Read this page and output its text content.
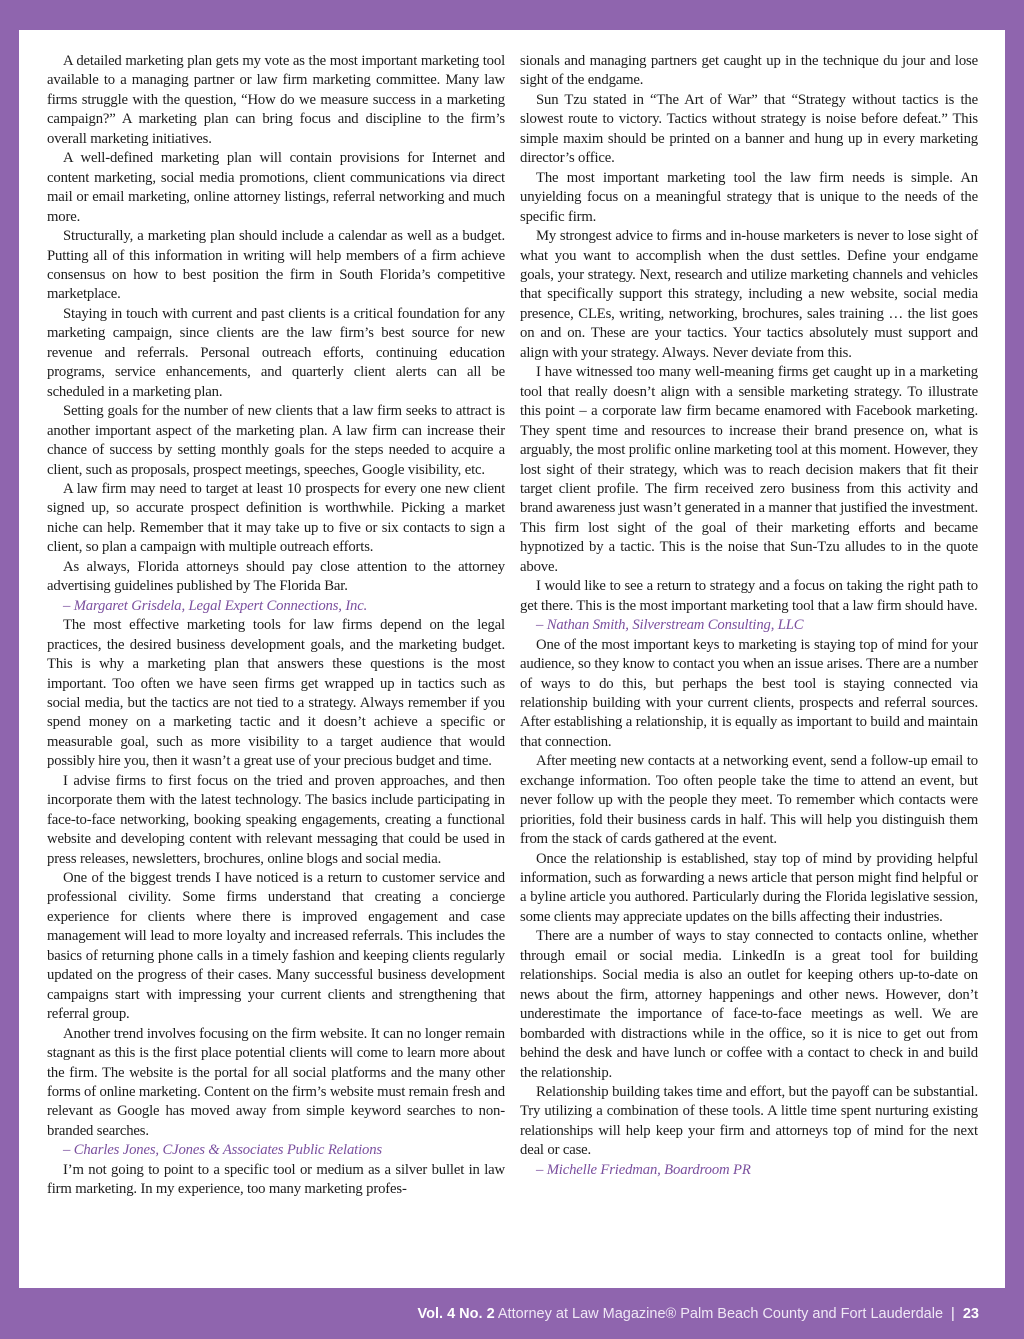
A detailed marketing plan gets my vote as the most important marketing tool available to a managing partner or law firm marketing committee. Many law firms struggle with the question, “How do we measure success in a marketing campaign?” A marketing plan can bring focus and discipline to the firm’s overall marketing initiatives.

A well-defined marketing plan will contain provisions for Internet and content marketing, social media promotions, client communications via direct mail or email marketing, online attorney listings, referral networking and much more.

Structurally, a marketing plan should include a calendar as well as a budget. Putting all of this information in writing will help members of a firm achieve consensus on how to best position the firm in South Florida’s competitive marketplace.

Staying in touch with current and past clients is a critical foundation for any marketing campaign, since clients are the law firm’s best source for new revenue and referrals. Personal outreach efforts, continuing education programs, service enhancements, and quarterly client alerts can all be scheduled in a marketing plan.

Setting goals for the number of new clients that a law firm seeks to attract is another important aspect of the marketing plan. A law firm can increase their chance of success by setting monthly goals for the steps needed to acquire a client, such as proposals, prospect meetings, speeches, Google visibility, etc.

A law firm may need to target at least 10 prospects for every one new client signed up, so accurate prospect definition is worthwhile. Picking a market niche can help. Remember that it may take up to five or six contacts to sign a client, so plan a campaign with multiple outreach efforts.

As always, Florida attorneys should pay close attention to the attorney advertising guidelines published by The Florida Bar.

– Margaret Grisdela, Legal Expert Connections, Inc.

The most effective marketing tools for law firms depend on the legal practices, the desired business development goals, and the marketing budget. This is why a marketing plan that answers these questions is the most important. Too often we have seen firms get wrapped up in tactics such as social media, but the tactics are not tied to a strategy. Always remember if you spend money on a marketing tactic and it doesn’t achieve a specific or measurable goal, such as more visibility to a target audience that would possibly hire you, then it wasn’t a great use of your precious budget and time.

I advise firms to first focus on the tried and proven approaches, and then incorporate them with the latest technology. The basics include participating in face-to-face networking, booking speaking engagements, creating a functional website and developing content with relevant messaging that could be used in press releases, newsletters, brochures, online blogs and social media.

One of the biggest trends I have noticed is a return to customer service and professional civility. Some firms understand that creating a concierge experience for clients where there is improved engagement and case management will lead to more loyalty and increased referrals. This includes the basics of returning phone calls in a timely fashion and keeping clients regularly updated on the progress of their cases. Many successful business development campaigns start with impressing your current clients and strengthening that referral group.

Another trend involves focusing on the firm website. It can no longer remain stagnant as this is the first place potential clients will come to learn more about the firm. The website is the portal for all social platforms and the many other forms of online marketing. Content on the firm’s website must remain fresh and relevant as Google has moved away from simple keyword searches to non-branded searches.

– Charles Jones, CJones & Associates Public Relations

I’m not going to point to a specific tool or medium as a silver bullet in law firm marketing. In my experience, too many marketing profes-

sionals and managing partners get caught up in the technique du jour and lose sight of the endgame.

Sun Tzu stated in “The Art of War” that “Strategy without tactics is the slowest route to victory. Tactics without strategy is noise before defeat.” This simple maxim should be printed on a banner and hung up in every marketing director’s office.

The most important marketing tool the law firm needs is simple. An unyielding focus on a meaningful strategy that is unique to the needs of the specific firm.

My strongest advice to firms and in-house marketers is never to lose sight of what you want to accomplish when the dust settles. Define your endgame goals, your strategy. Next, research and utilize marketing channels and vehicles that specifically support this strategy, including a new website, social media presence, CLEs, writing, networking, brochures, sales training … the list goes on and on. These are your tactics. Your tactics absolutely must support and align with your strategy. Always. Never deviate from this.

I have witnessed too many well-meaning firms get caught up in a marketing tool that really doesn’t align with a sensible marketing strategy. To illustrate this point – a corporate law firm became enamored with Facebook marketing. They spent time and resources to increase their brand presence on, what is arguably, the most prolific online marketing tool at this moment. However, they lost sight of their strategy, which was to reach decision makers that fit their target client profile. The firm received zero business from this activity and brand awareness just wasn’t generated in a manner that justified the investment. This firm lost sight of the goal of their marketing efforts and became hypnotized by a tactic. This is the noise that Sun-Tzu alludes to in the quote above.

I would like to see a return to strategy and a focus on taking the right path to get there. This is the most important marketing tool that a law firm should have.

– Nathan Smith, Silverstream Consulting, LLC

One of the most important keys to marketing is staying top of mind for your audience, so they know to contact you when an issue arises. There are a number of ways to do this, but perhaps the best tool is staying connected via relationship building with your current clients, prospects and referral sources. After establishing a relationship, it is equally as important to build and maintain that connection.

After meeting new contacts at a networking event, send a follow-up email to exchange information. Too often people take the time to attend an event, but never follow up with the people they meet. To remember which contacts were priorities, fold their business cards in half. This will help you distinguish them from the stack of cards gathered at the event.

Once the relationship is established, stay top of mind by providing helpful information, such as forwarding a news article that person might find helpful or a byline article you authored. Particularly during the Florida legislative session, some clients may appreciate updates on the bills affecting their industries.

There are a number of ways to stay connected to contacts online, whether through email or social media. LinkedIn is a great tool for building relationships. Social media is also an outlet for keeping others up-to-date on news about the firm, attorney happenings and other news. However, don’t underestimate the importance of face-to-face meetings as well. We are bombarded with distractions while in the office, so it is nice to get out from behind the desk and have lunch or coffee with a contact to check in and build the relationship.

Relationship building takes time and effort, but the payoff can be substantial. Try utilizing a combination of these tools. A little time spent nurturing existing relationships will help keep your firm and attorneys top of mind for the next deal or case.

– Michelle Friedman, Boardroom PR

Vol. 4 No. 2 Attorney at Law Magazine® Palm Beach County and Fort Lauderdale | 23
